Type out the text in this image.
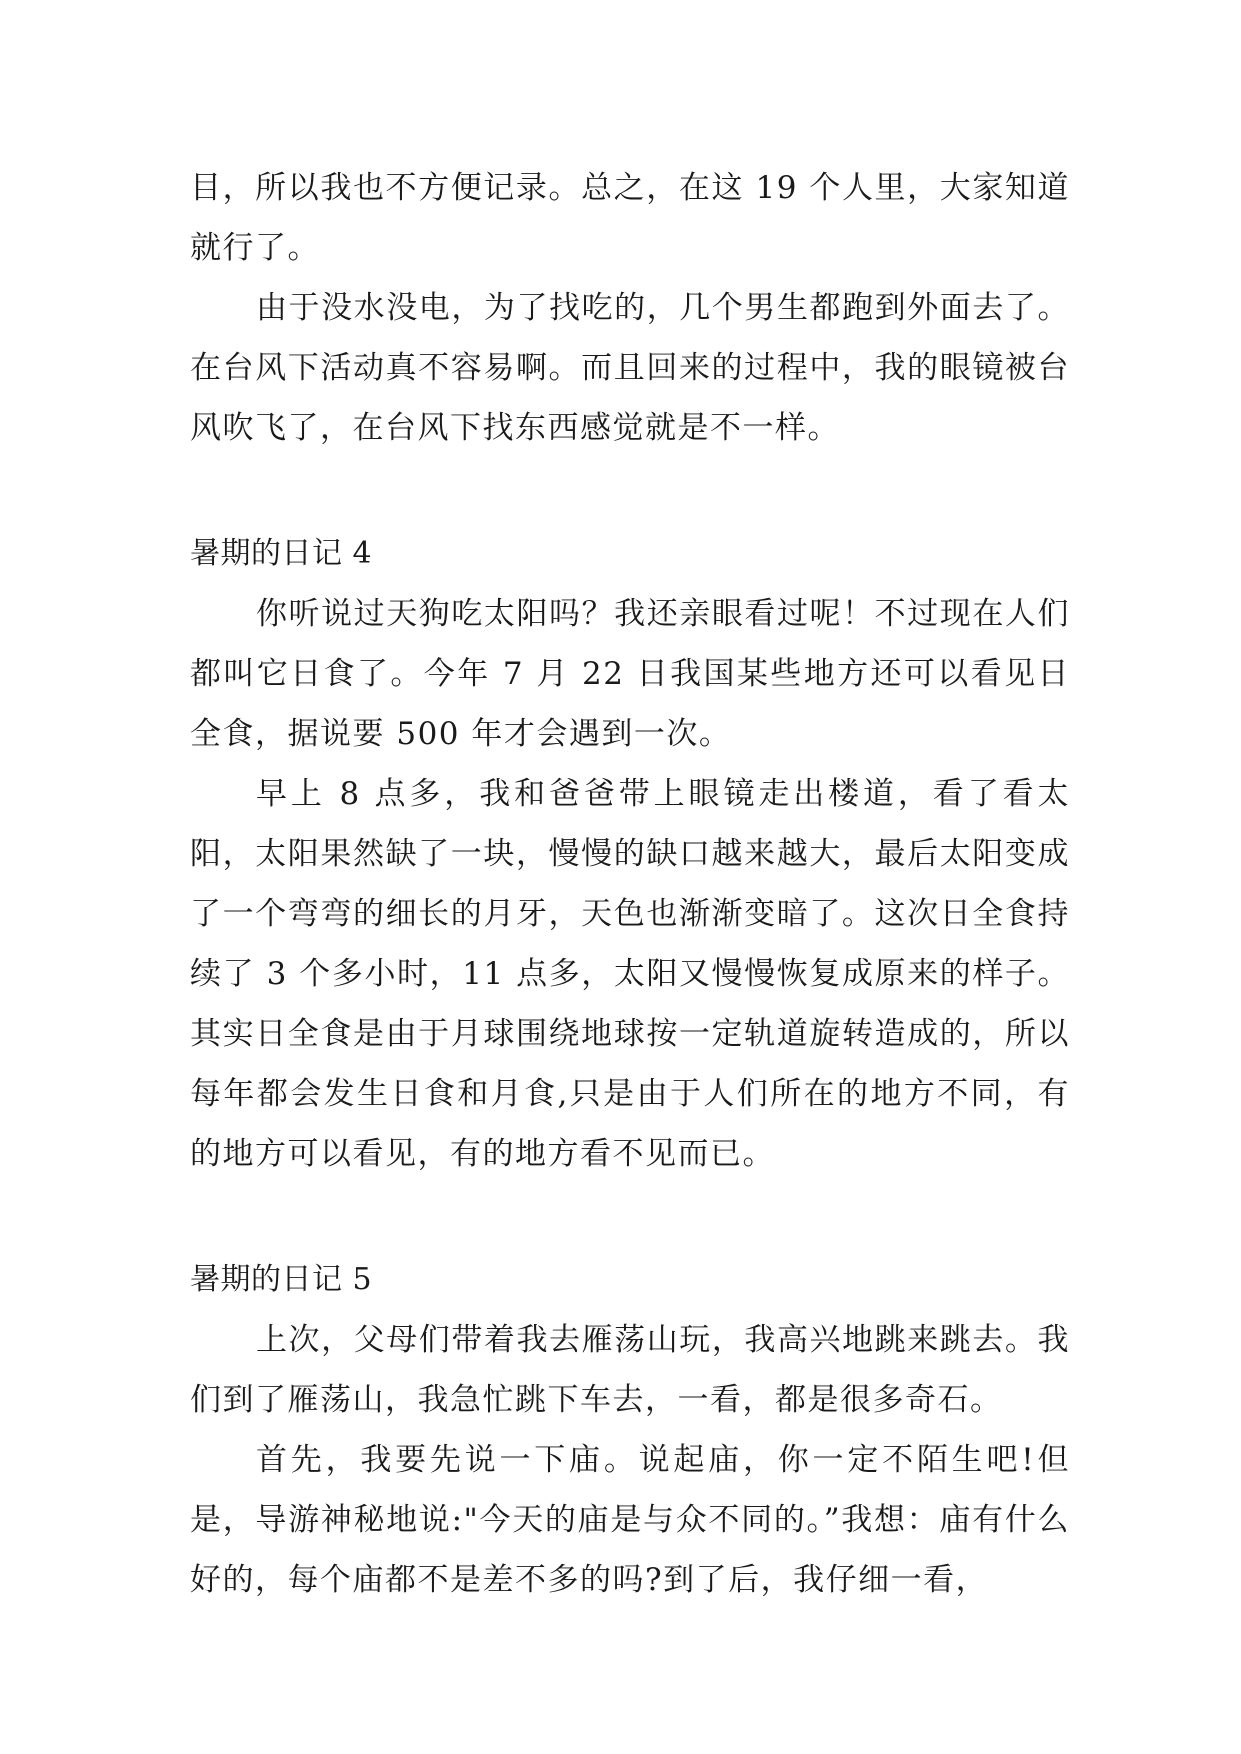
目，所以我也不方便记录。总之，在这 19 个人里，大家知道就行了。

由于没水没电，为了找吃的，几个男生都跑到外面去了。在台风下活动真不容易啊。而且回来的过程中，我的眼镜被台风吹飞了，在台风下找东西感觉就是不一样。

暑期的日记 4

你听说过天狗吃太阳吗？我还亲眼看过呢！不过现在人们都叫它日食了。今年 7 月 22 日我国某些地方还可以看见日全食，据说要 500 年才会遇到一次。

早上 8 点多，我和爸爸带上眼镜走出楼道，看了看太阳，太阳果然缺了一块，慢慢的缺口越来越大，最后太阳变成了一个弯弯的细长的月牙，天色也渐渐变暗了。这次日全食持续了 3 个多小时，11 点多，太阳又慢慢恢复成原来的样子。其实日全食是由于月球围绕地球按一定轨道旋转造成的，所以每年都会发生日食和月食,只是由于人们所在的地方不同，有的地方可以看见，有的地方看不见而已。

暑期的日记 5

上次，父母们带着我去雁荡山玩，我高兴地跳来跳去。我们到了雁荡山，我急忙跳下车去，一看，都是很多奇石。

首先，我要先说一下庙。说起庙，你一定不陌生吧!但是，导游神秘地说:"今天的庙是与众不同的。”我想：庙有什么好的，每个庙都不是差不多的吗?到了后，我仔细一看，
